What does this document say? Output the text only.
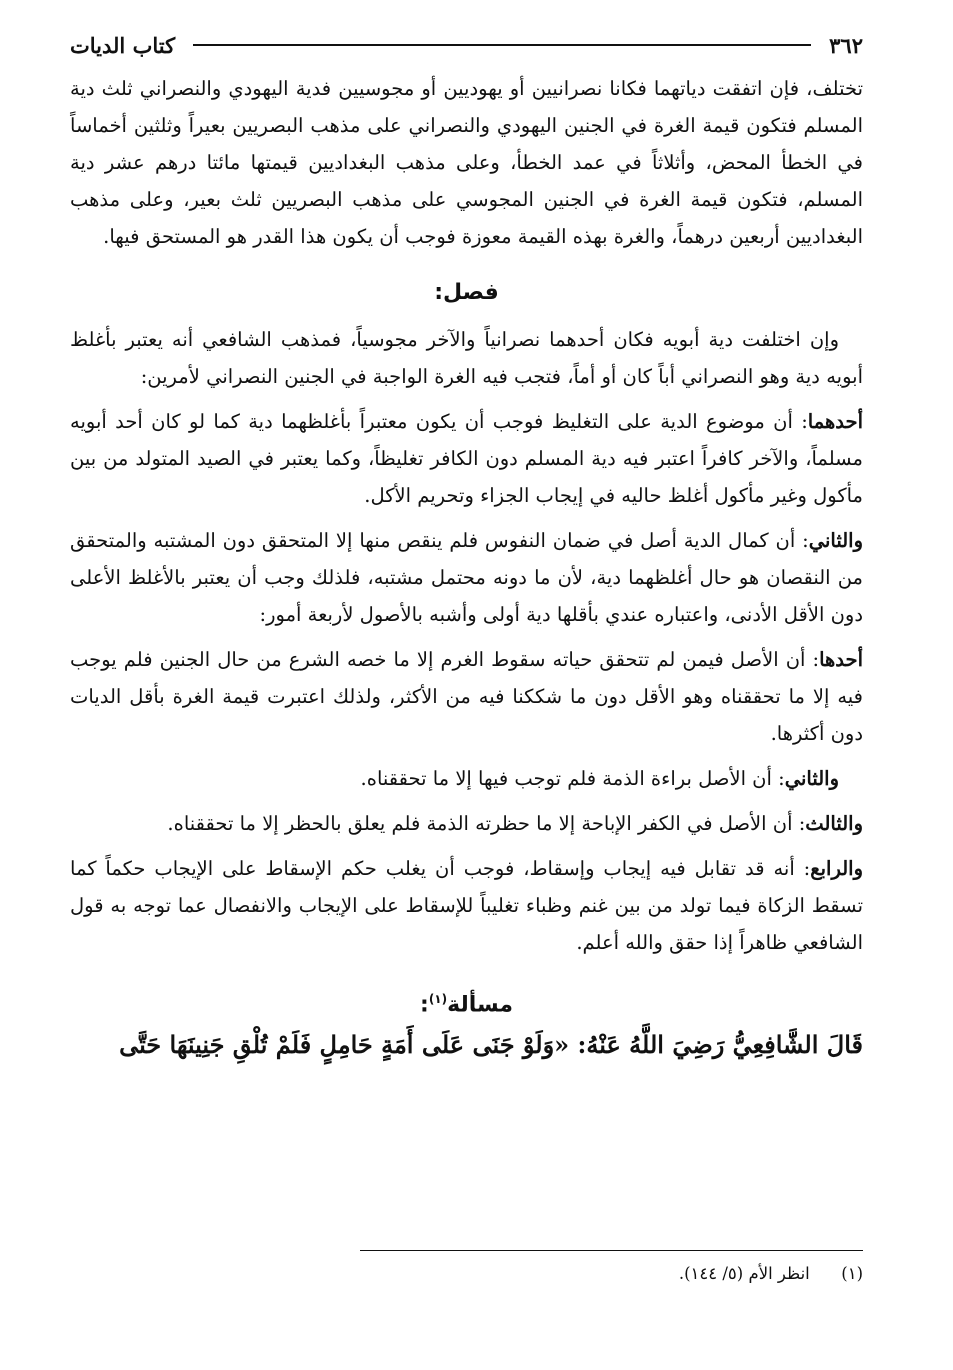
٣٦٢
كتاب الديات

تختلف، فإن اتفقت دياتهما فكانا نصرانيين أو يهوديين أو مجوسيين فدية اليهودي والنصراني ثلث دية المسلم فتكون قيمة الغرة في الجنين اليهودي والنصراني على مذهب البصريين بعيراً وثلثين أخماساً في الخطأ المحض، وأثلاثاً في عمد الخطأ، وعلى مذهب البغداديين قيمتها مائتا درهم عشر دية المسلم، فتكون قيمة الغرة في الجنين المجوسي على مذهب البصريين ثلث بعير، وعلى مذهب البغداديين أربعين درهماً، والغرة بهذه القيمة معوزة فوجب أن يكون هذا القدر هو المستحق فيها.

فصل:

وإن اختلفت دية أبويه فكان أحدهما نصرانياً والآخر مجوسياً، فمذهب الشافعي أنه يعتبر بأغلظ أبويه دية وهو النصراني أباً كان أو أماً، فتجب فيه الغرة الواجبة في الجنين النصراني لأمرين:

أحدهما: أن موضوع الدية على التغليظ فوجب أن يكون معتبراً بأغلظهما دية كما لو كان أحد أبويه مسلماً، والآخر كافراً اعتبر فيه دية المسلم دون الكافر تغليظاً، وكما يعتبر في الصيد المتولد من بين مأكول وغير مأكول أغلظ حاليه في إيجاب الجزاء وتحريم الأكل.

والثاني: أن كمال الدية أصل في ضمان النفوس فلم ينقص منها إلا المتحقق دون المشتبه والمتحقق من النقصان هو حال أغلظهما دية، لأن ما دونه محتمل مشتبه، فلذلك وجب أن يعتبر بالأغلظ الأعلى دون الأقل الأدنى، واعتباره عندي بأقلها دية أولى وأشبه بالأصول لأربعة أمور:

أحدها: أن الأصل فيمن لم تتحقق حياته سقوط الغرم إلا ما خصه الشرع من حال الجنين فلم يوجب فيه إلا ما تحققناه وهو الأقل دون ما شككنا فيه من الأكثر، ولذلك اعتبرت قيمة الغرة بأقل الديات دون أكثرها.

والثاني: أن الأصل براءة الذمة فلم توجب فيها إلا ما تحققناه.

والثالث: أن الأصل في الكفر الإباحة إلا ما حظرته الذمة فلم يعلق بالحظر إلا ما تحققناه.

والرابع: أنه قد تقابل فيه إيجاب وإسقاط، فوجب أن يغلب حكم الإسقاط على الإيجاب حكماً كما تسقط الزكاة فيما تولد من بين غنم وظباء تغليباً للإسقاط على الإيجاب والانفصال عما توجه به قول الشافعي ظاهراً إذا حقق والله أعلم.

مسألة$^{(١)}$:
قَالَ الشَّافِعِيُّ رَضِيَ اللَّهُ عَنْهُ: «وَلَوْ جَنَى عَلَى أَمَةٍ حَامِلٍ فَلَمْ تُلْقِ جَنِينَهَا حَتَّى
(١) انظر الأم (٥/ ١٤٤).
